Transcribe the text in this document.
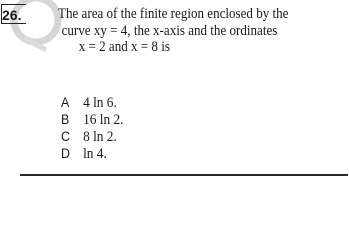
26.	The area of the finite region enclosed by the
curve xy = 4, the x-axis and the ordinates
x = 2 and x = 8 is
A 4 ln 6.
B 16 ln 2.
C 8 ln 2.
D ln 4.
